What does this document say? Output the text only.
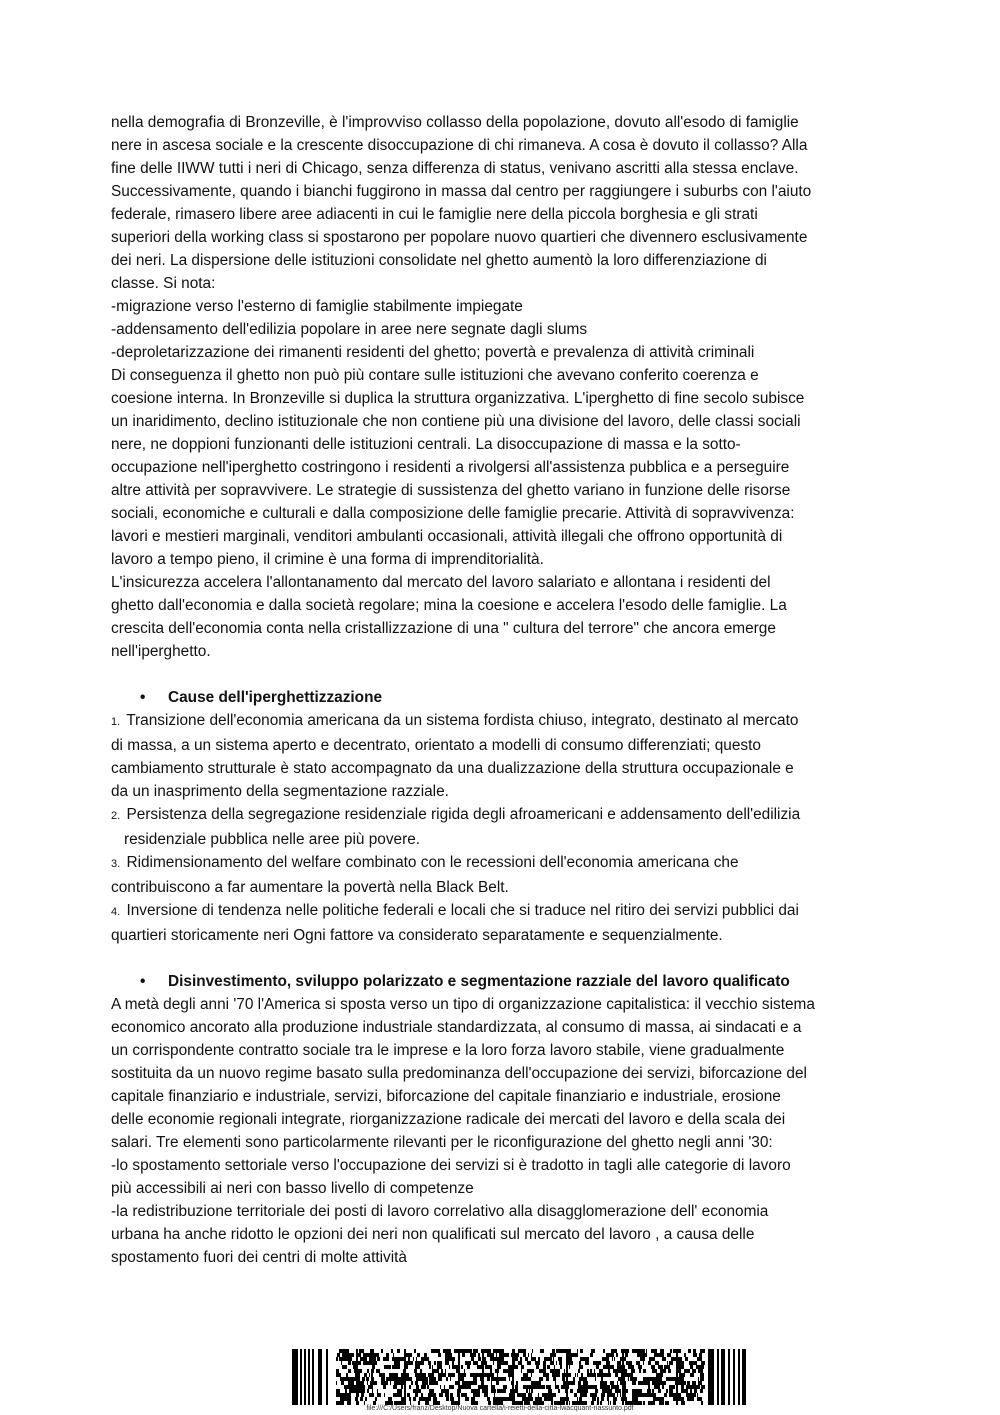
nella demografia di Bronzeville, è l'improvviso collasso della popolazione, dovuto all'esodo di famiglie

nere in ascesa sociale e la crescente disoccupazione di chi rimaneva. A cosa è dovuto il collasso? Alla

fine delle IIWW tutti i neri di Chicago, senza differenza di status, venivano ascritti alla stessa enclave.

Successivamente, quando i bianchi fuggirono in massa dal centro per raggiungere i suburbs con l'aiuto

federale, rimasero libere aree adiacenti in cui le famiglie nere della piccola borghesia e gli strati

superiori della working class si spostarono per popolare nuovo quartieri che divennero esclusivamente

dei neri. La dispersione delle istituzioni consolidate nel ghetto aumentò la loro differenziazione di

classe. Si nota:

-migrazione verso l'esterno di famiglie stabilmente impiegate

-addensamento dell'edilizia popolare in aree nere segnate dagli slums

-deproletarizzazione dei rimanenti residenti del ghetto; povertà e prevalenza di attività criminali

Di conseguenza il ghetto non può più contare sulle istituzioni che avevano conferito coerenza e

coesione interna. In Bronzeville si duplica la struttura organizzativa. L'iperghetto di fine secolo subisce

un inaridimento, declino istituzionale che non contiene più una divisione del lavoro, delle classi sociali

nere, ne doppioni funzionanti delle istituzioni centrali. La disoccupazione di massa e la sotto-

occupazione nell'iperghetto costringono i residenti a rivolgersi all'assistenza pubblica e a perseguire

altre attività per sopravvivere. Le strategie di sussistenza del ghetto variano in funzione delle risorse

sociali, economiche e culturali e dalla composizione delle famiglie precarie. Attività di sopravvivenza:

lavori e mestieri marginali, venditori ambulanti occasionali, attività illegali che offrono opportunità di

lavoro a tempo pieno, il crimine è una forma di imprenditorialità.

L'insicurezza accelera l'allontanamento dal mercato del lavoro salariato e allontana i residenti del

ghetto dall'economia e dalla società regolare; mina la coesione e accelera l'esodo delle famiglie. La

crescita dell'economia conta nella cristallizzazione di una " cultura del terrore" che ancora emerge

nell'iperghetto.

• Cause dell'iperghettizzazione

1. Transizione dell'economia americana da un sistema fordista chiuso, integrato, destinato al mercato

di massa, a un sistema aperto e decentrato, orientato a modelli di consumo differenziati; questo

cambiamento strutturale è stato accompagnato da una dualizzazione della struttura occupazionale e

da un inasprimento della segmentazione razziale.

2. Persistenza della segregazione residenziale rigida degli afroamericani e addensamento dell'edilizia

residenziale pubblica nelle aree più povere.

3. Ridimensionamento del welfare combinato con le recessioni dell'economia americana che

contribuiscono a far aumentare la povertà nella Black Belt.

4. Inversione di tendenza nelle politiche federali e locali che si traduce nel ritiro dei servizi pubblici dai

quartieri storicamente neri Ogni fattore va considerato separatamente e sequenzialmente.

• Disinvestimento, sviluppo polarizzato e segmentazione razziale del lavoro qualificato

A metà degli anni '70 l'America si sposta verso un tipo di organizzazione capitalistica: il vecchio sistema

economico ancorato alla produzione industriale standardizzata, al consumo di massa, ai sindacati e a

un corrispondente contratto sociale tra le imprese e la loro forza lavoro stabile, viene gradualmente

sostituita da un nuovo regime basato sulla predominanza dell'occupazione dei servizi, biforcazione del

capitale finanziario e industriale, servizi, biforcazione del capitale finanziario e industriale, erosione

delle economie regionali integrate, riorganizzazione radicale dei mercati del lavoro e della scala dei

salari. Tre elementi sono particolarmente rilevanti per le riconfigurazione del ghetto negli anni '30:

-lo spostamento settoriale verso l'occupazione dei servizi si è tradotto in tagli alle categorie di lavoro

più accessibili ai neri con basso livello di competenze

-la redistribuzione territoriale dei posti di lavoro correlativo alla disagglomerazione dell' economia

urbana ha anche ridotto le opzioni dei neri non qualificati sul mercato del lavoro , a causa delle

spostamento fuori dei centri di molte attività

file:///C:/Users/franz/Desktop/Nuova cartella/i-reietti-della-citta-lwacquant-riassunto.pdf
